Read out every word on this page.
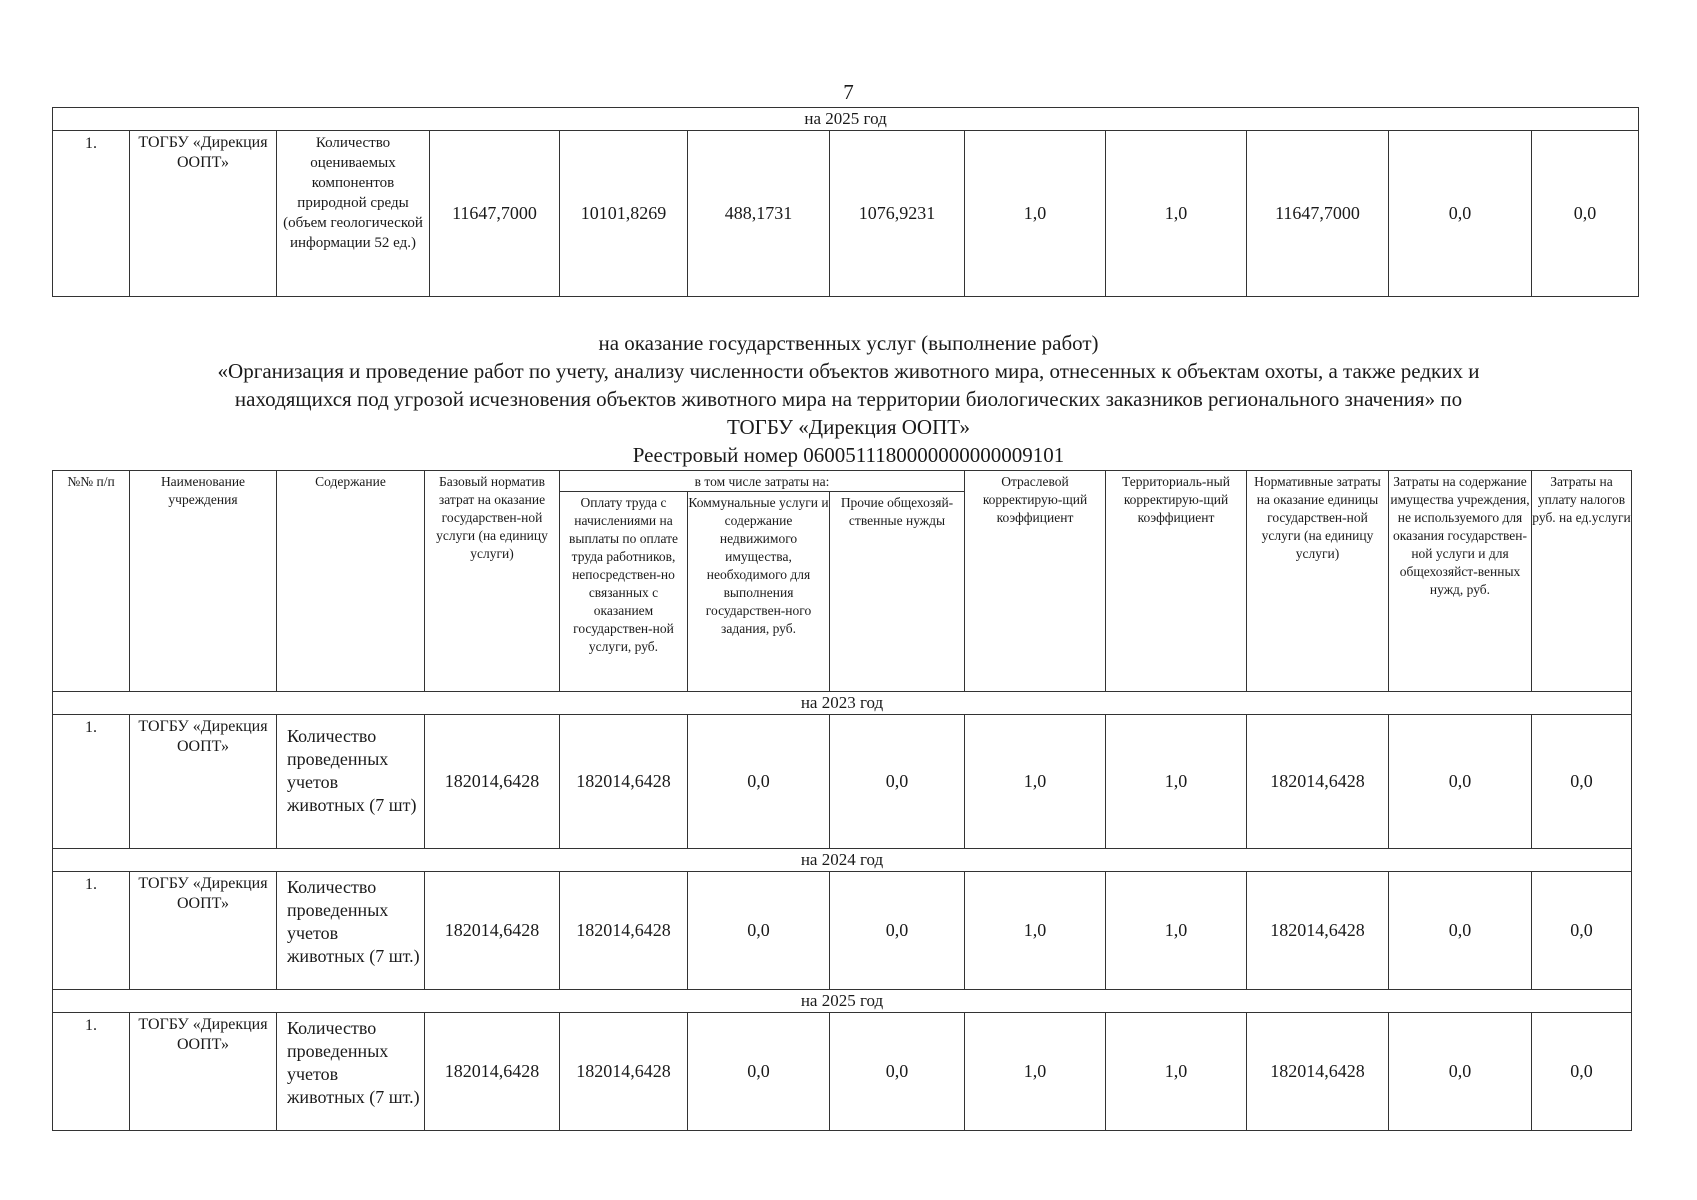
7
на 2025 год
1.	ТОГБУ «Дирекция ООПТ»	Количество оцениваемых компонентов природной среды (объем геологической информации 52 ед.)	11647,7000	10101,8269	488,1731	1076,9231	1,0	1,0	11647,7000	0,0	0,0
на оказание государственных услуг (выполнение работ)
«Организация и проведение работ по учету, анализу численности объектов животного мира, отнесенных к объектам охоты, а также редких и
находящихся под угрозой исчезновения объектов животного мира на территории биологических заказников регионального значения» по
ТОГБУ «Дирекция ООПТ»
Реестровый номер 0600511180000000000009101
№№ п/п	Наименование учреждения	Содержание	Базовый норматив затрат на оказание государствен-ной услуги (на единицу услуги)	в том числе затраты на:			Отраслевой корректирую-щий коэффициент	Территориаль-ный корректирую-щий коэффициент	Нормативные затраты на оказание единицы государствен-ной услуги (на единицу услуги)	Затраты на содержание имущества учреждения, не используемого для оказания государствен-ной услуги и для общехозяйст-венных нужд, руб.	Затраты на уплату налогов руб. на ед.услуги
				Оплату труда с начислениями на выплаты по оплате труда работников, непосредствен-но связанных с оказанием государствен-ной услуги, руб.	Коммунальные услуги и содержание недвижимого имущества, необходимого для выполнения государствен-ного задания, руб.	Прочие общехозяй-ственные нужды					
на 2023 год											
1.	ТОГБУ «Дирекция ООПТ»	Количество проведенных учетов животных (7 шт)	182014,6428	182014,6428	0,0	0,0	1,0	1,0	182014,6428	0,0	0,0
на 2024 год											
1.	ТОГБУ «Дирекция ООПТ»	Количество проведенных учетов животных (7 шт.)	182014,6428	182014,6428	0,0	0,0	1,0	1,0	182014,6428	0,0	0,0
на 2025 год											
1.	ТОГБУ «Дирекция ООПТ»	Количество проведенных учетов животных (7 шт.)	182014,6428	182014,6428	0,0	0,0	1,0	1,0	182014,6428	0,0	0,0
